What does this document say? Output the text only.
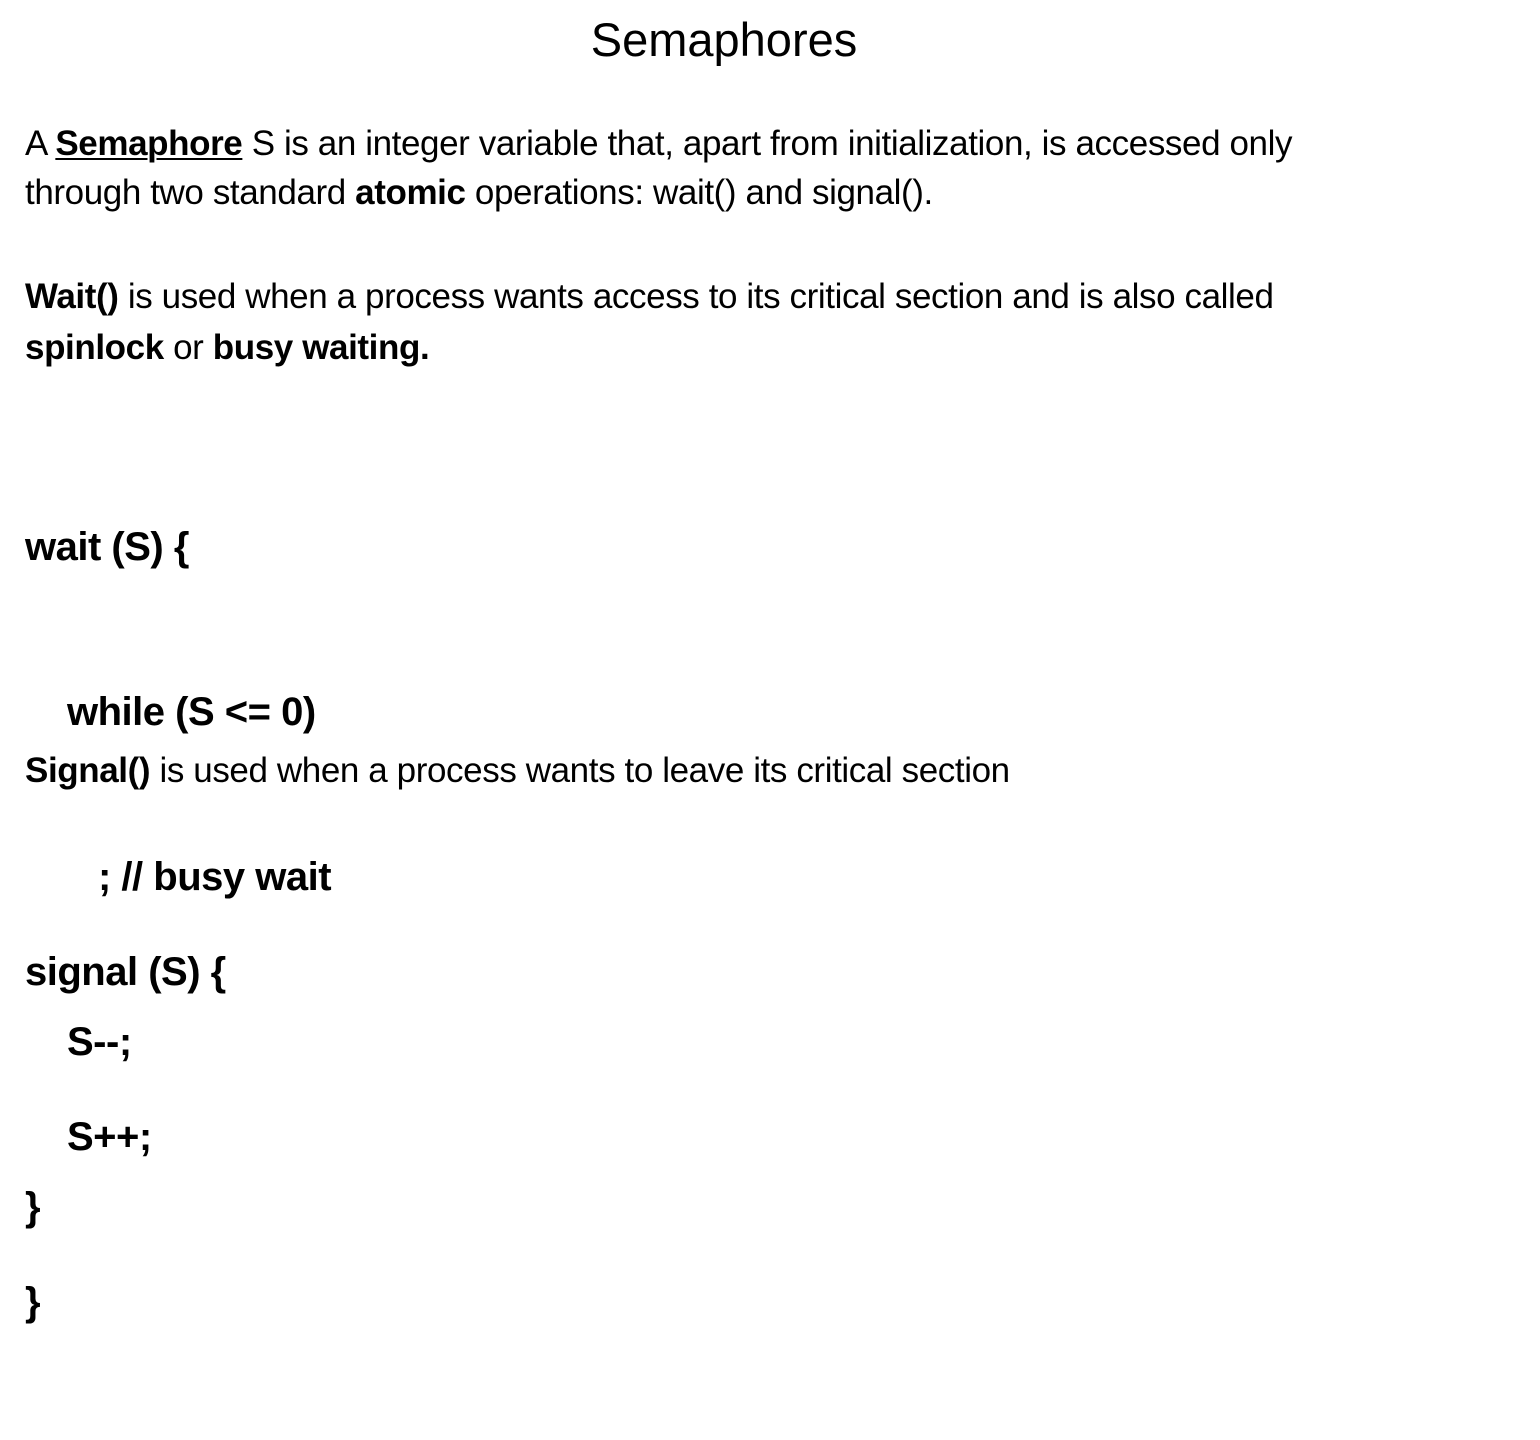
Semaphores
A Semaphore S is an integer variable that, apart from initialization, is accessed only
through two standard atomic operations: wait() and signal().
Wait() is used when a process wants access to its critical section and is also called
spinlock or busy waiting.

wait (S) {

while (S <= 0)

; // busy wait

S--;

}

Signal() is used when a process wants to leave its critical section

signal (S) {

S++;

}
